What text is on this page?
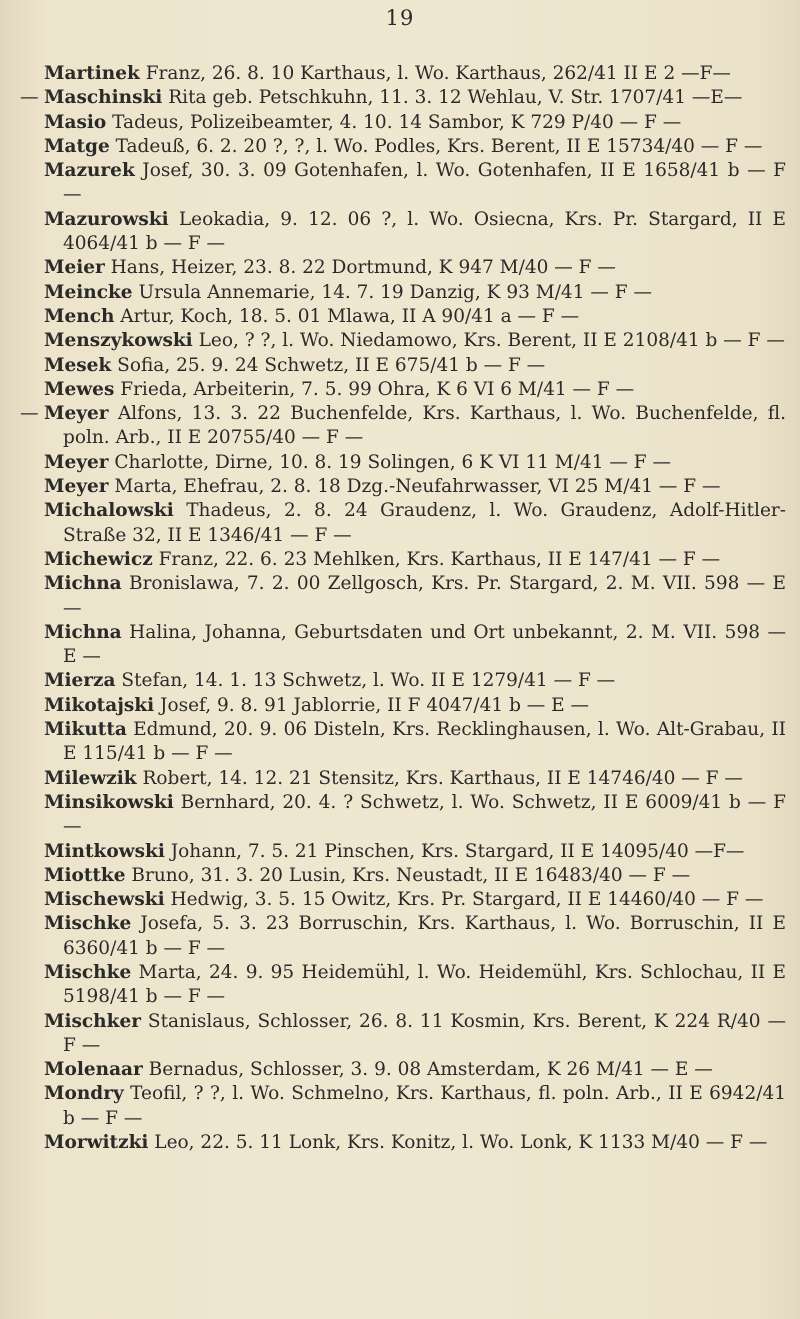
19

Martinek Franz, 26. 8. 10 Karthaus, l. Wo. Karthaus, 262/41 II E 2 —F—

— Maschinski Rita geb. Petschkuhn, 11. 3. 12 Wehlau, V. Str. 1707/41 —E—

Masio Tadeus, Polizeibeamter, 4. 10. 14 Sambor, K 729 P/40 — F —

Matge Tadeuß, 6. 2. 20 ?, ?, l. Wo. Podles, Krs. Berent, II E 15734/40 — F —

Mazurek Josef, 30. 3. 09 Gotenhafen, l. Wo. Gotenhafen, II E 1658/41 b — F —

Mazurowski Leokadia, 9. 12. 06 ?, l. Wo. Osiecna, Krs. Pr. Stargard, II E 4064/41 b — F —

Meier Hans, Heizer, 23. 8. 22 Dortmund, K 947 M/40 — F —

Meincke Ursula Annemarie, 14. 7. 19 Danzig, K 93 M/41 — F —

Mench Artur, Koch, 18. 5. 01 Mlawa, II A 90/41 a — F —

Menszykowski Leo, ? ?, l. Wo. Niedamowo, Krs. Berent, II E 2108/41 b — F —

Mesek Sofia, 25. 9. 24 Schwetz, II E 675/41 b — F —

Mewes Frieda, Arbeiterin, 7. 5. 99 Ohra, K 6 VI 6 M/41 — F —

— Meyer Alfons, 13. 3. 22 Buchenfelde, Krs. Karthaus, l. Wo. Buchenfelde, fl. poln. Arb., II E 20755/40 — F —

Meyer Charlotte, Dirne, 10. 8. 19 Solingen, 6 K VI 11 M/41 — F —

Meyer Marta, Ehefrau, 2. 8. 18 Dzg.-Neufahrwasser, VI 25 M/41 — F —

Michalowski Thadeus, 2. 8. 24 Graudenz, l. Wo. Graudenz, Adolf-Hitler-Straße 32, II E 1346/41 — F —

Michewicz Franz, 22. 6. 23 Mehlken, Krs. Karthaus, II E 147/41 — F —

Michna Bronislawa, 7. 2. 00 Zellgosch, Krs. Pr. Stargard, 2. M. VII. 598 — E —

Michna Halina, Johanna, Geburtsdaten und Ort unbekannt, 2. M. VII. 598 — E —

Mierza Stefan, 14. 1. 13 Schwetz, l. Wo. II E 1279/41 — F —

Mikotajski Josef, 9. 8. 91 Jablorrie, II F 4047/41 b — E —

Mikutta Edmund, 20. 9. 06 Disteln, Krs. Recklinghausen, l. Wo. Alt-Grabau, II E 115/41 b — F —

Milewzik Robert, 14. 12. 21 Stensitz, Krs. Karthaus, II E 14746/40 — F —

Minsikowski Bernhard, 20. 4. ? Schwetz, l. Wo. Schwetz, II E 6009/41 b — F —

Mintkowski Johann, 7. 5. 21 Pinschen, Krs. Stargard, II E 14095/40 —F—

Miottke Bruno, 31. 3. 20 Lusin, Krs. Neustadt, II E 16483/40 — F —

Mischewski Hedwig, 3. 5. 15 Owitz, Krs. Pr. Stargard, II E 14460/40 — F —

Mischke Josefa, 5. 3. 23 Borruschin, Krs. Karthaus, l. Wo. Borruschin, II E 6360/41 b — F —

Mischke Marta, 24. 9. 95 Heidemühl, l. Wo. Heidemühl, Krs. Schlochau, II E 5198/41 b — F —

Mischker Stanislaus, Schlosser, 26. 8. 11 Kosmin, Krs. Berent, K 224 R/40 — F —

Molenaar Bernadus, Schlosser, 3. 9. 08 Amsterdam, K 26 M/41 — E —

Mondry Teofil, ? ?, l. Wo. Schmelno, Krs. Karthaus, fl. poln. Arb., II E 6942/41 b — F —

Morwitzki Leo, 22. 5. 11 Lonk, Krs. Konitz, l. Wo. Lonk, K 1133 M/40 — F —
